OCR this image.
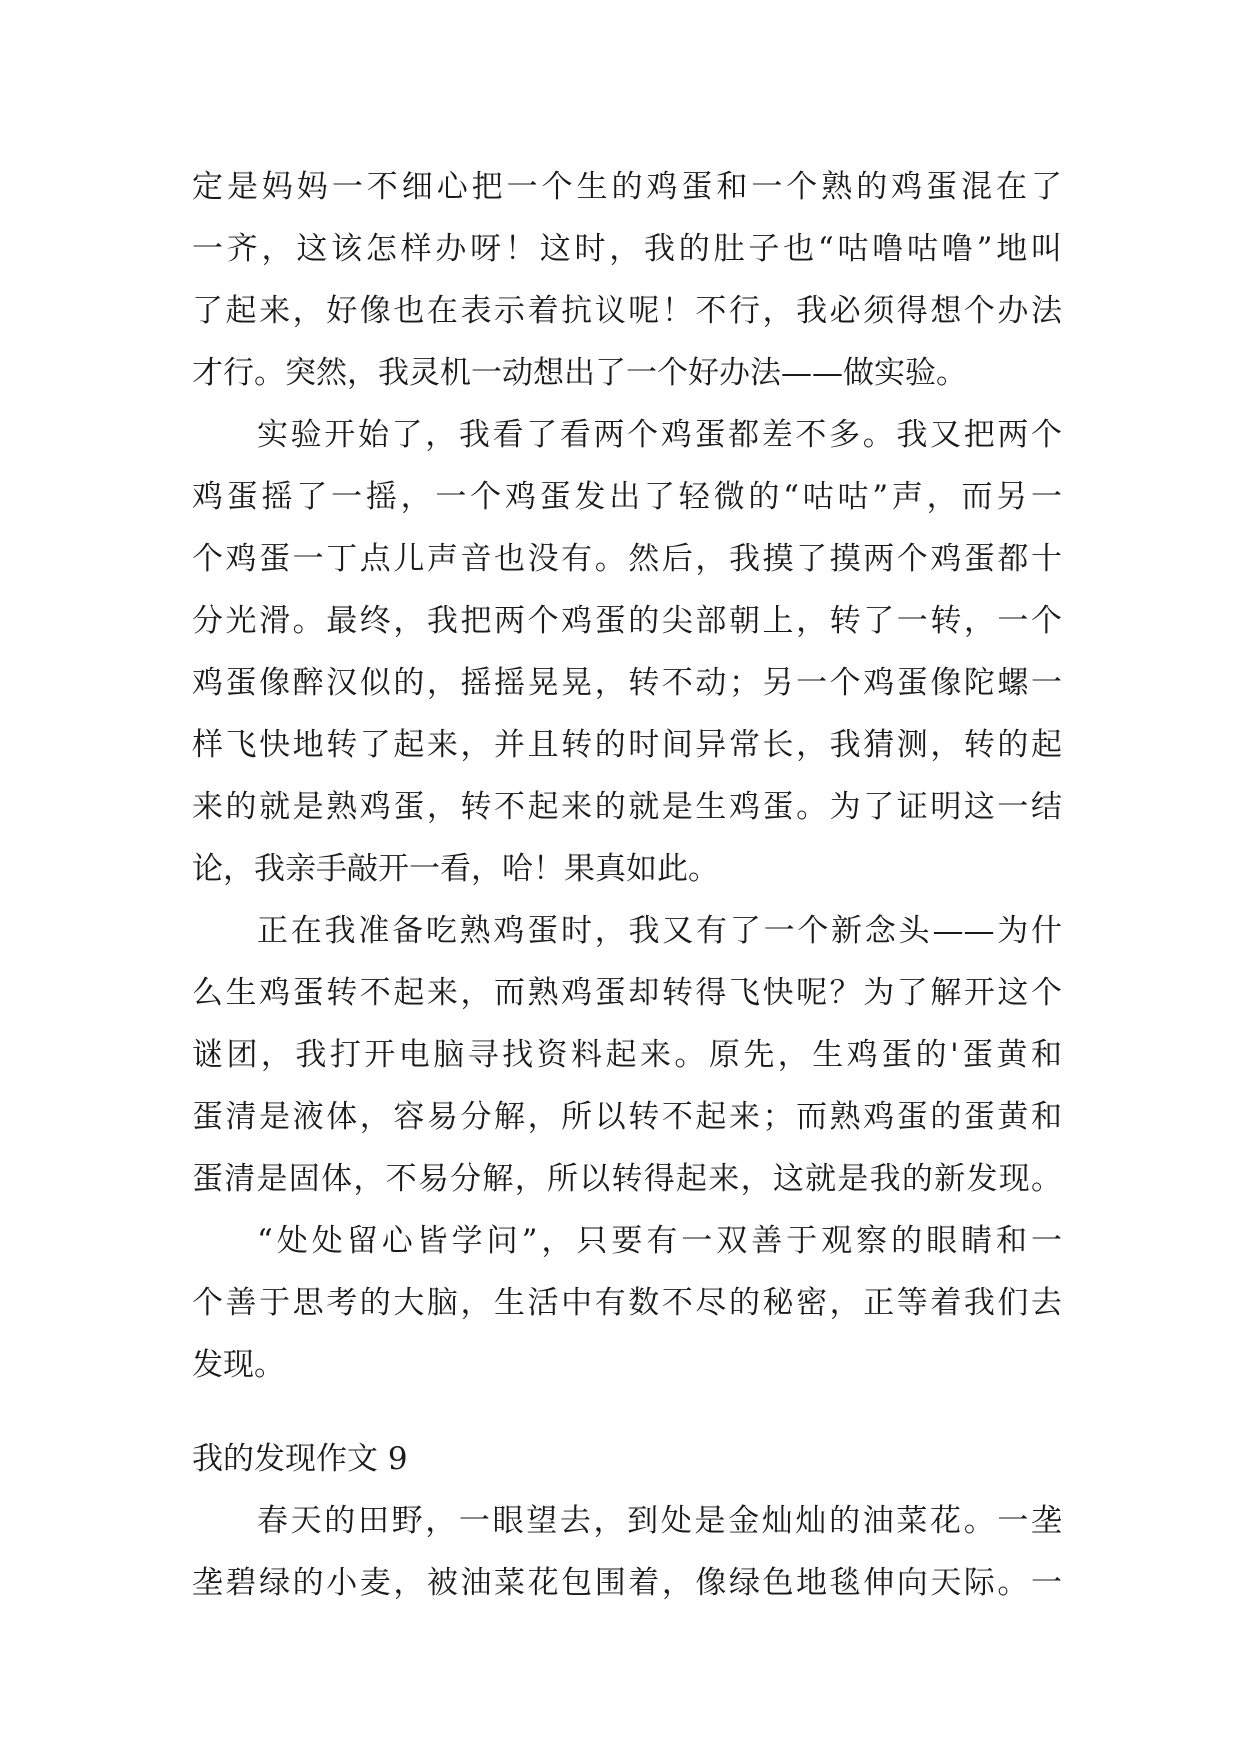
定是妈妈一不细心把一个生的鸡蛋和一个熟的鸡蛋混在了
一齐，这该怎样办呀！这时，我的肚子也“咕噜咕噜”地叫
了起来，好像也在表示着抗议呢！不行，我必须得想个办法
才行。突然，我灵机一动想出了一个好办法——做实验。
实验开始了，我看了看两个鸡蛋都差不多。我又把两个
鸡蛋摇了一摇，一个鸡蛋发出了轻微的“咕咕”声，而另一
个鸡蛋一丁点儿声音也没有。然后，我摸了摸两个鸡蛋都十
分光滑。最终，我把两个鸡蛋的尖部朝上，转了一转，一个
鸡蛋像醉汉似的，摇摇晃晃，转不动；另一个鸡蛋像陀螺一
样飞快地转了起来，并且转的时间异常长，我猜测，转的起
来的就是熟鸡蛋，转不起来的就是生鸡蛋。为了证明这一结
论，我亲手敲开一看，哈！果真如此。
正在我准备吃熟鸡蛋时，我又有了一个新念头——为什
么生鸡蛋转不起来，而熟鸡蛋却转得飞快呢？为了解开这个
谜团，我打开电脑寻找资料起来。原先，生鸡蛋的'蛋黄和
蛋清是液体，容易分解，所以转不起来；而熟鸡蛋的蛋黄和
蛋清是固体，不易分解，所以转得起来，这就是我的新发现。
“处处留心皆学问”，只要有一双善于观察的眼睛和一
个善于思考的大脑，生活中有数不尽的秘密，正等着我们去
发现。
我的发现作文 9
春天的田野，一眼望去，到处是金灿灿的油菜花。一垄
垄碧绿的小麦，被油菜花包围着，像绿色地毯伸向天际。一
